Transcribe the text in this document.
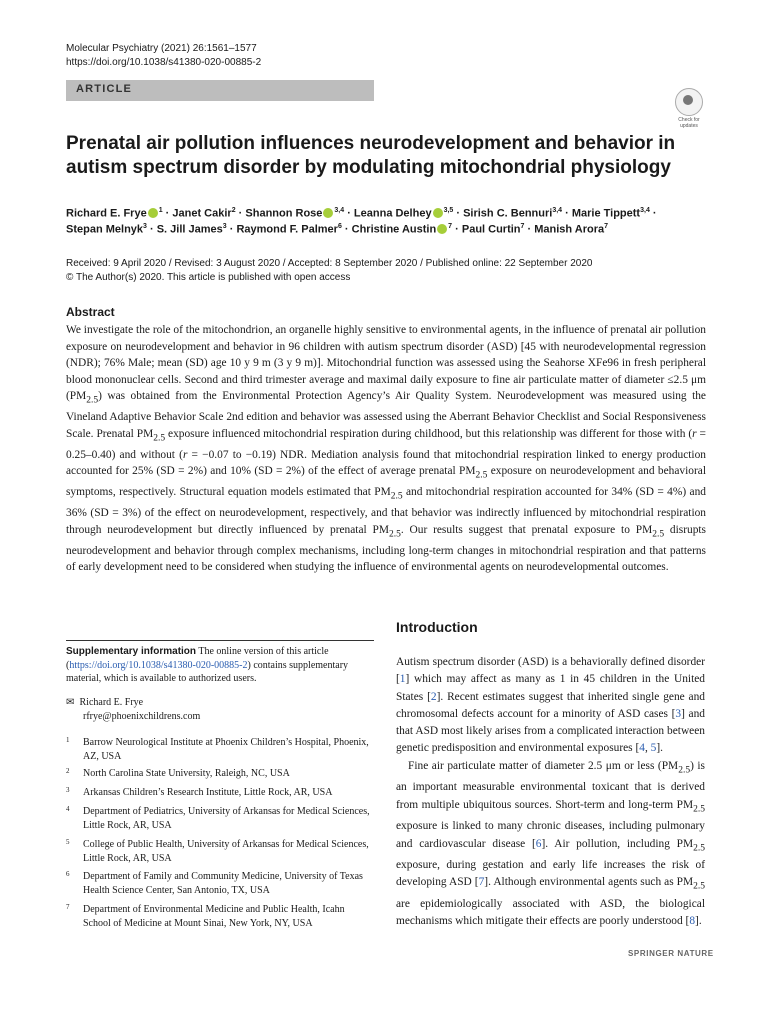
Molecular Psychiatry (2021) 26:1561–1577
https://doi.org/10.1038/s41380-020-00885-2
ARTICLE
Check for updates
Prenatal air pollution influences neurodevelopment and behavior in autism spectrum disorder by modulating mitochondrial physiology
Richard E. Frye $^1$ · Janet Cakir$^2$ · Shannon Rose $^{3,4}$ · Leanna Delhey $^{3,5}$ · Sirish C. Bennuri$^{3,4}$ · Marie Tippett$^{3,4}$ ·
Stepan Melnyk$^3$ · S. Jill James$^3$ · Raymond F. Palmer$^6$ · Christine Austin $^7$ · Paul Curtin$^7$ · Manish Arora$^7$
Received: 9 April 2020 / Revised: 3 August 2020 / Accepted: 8 September 2020 / Published online: 22 September 2020
© The Author(s) 2020. This article is published with open access
Abstract

We investigate the role of the mitochondrion, an organelle highly sensitive to environmental agents, in the influence of prenatal air pollution exposure on neurodevelopment and behavior in 96 children with autism spectrum disorder (ASD) [45 with neurodevelopmental regression (NDR); 76% Male; mean (SD) age 10 y 9 m (3 y 9 m)]. Mitochondrial function was assessed using the Seahorse XFe96 in fresh peripheral blood mononuclear cells. Second and third trimester average and maximal daily exposure to fine air particulate matter of diameter ≤2.5 μm $(PM_{2.5})$ was obtained from the Environmental Protection Agency’s Air Quality System. Neurodevelopment was measured using the Vineland Adaptive Behavior Scale 2nd edition and behavior was assessed using the Aberrant Behavior Checklist and Social Responsiveness Scale. Prenatal $PM_{2.5}$ exposure influenced mitochondrial respiration during childhood, but this relationship was different for those with (r = 0.25–0.40) and without (r = −0.07 to −0.19) NDR. Mediation analysis found that mitochondrial respiration linked to energy production accounted for 25% (SD = 2%) and 10% (SD = 2%) of the effect of average prenatal $PM_{2.5}$ exposure on neurodevelopment and behavioral symptoms, respectively. Structural equation models estimated that $PM_{2.5}$ and mitochondrial respiration accounted for 34% (SD = 4%) and 36% (SD = 3%) of the effect on neurodevelopment, respectively, and that behavior was indirectly influenced by mitochondrial respiration through neurodevelopment but directly influenced by prenatal $PM_{2.5}$. Our results suggest that prenatal exposure to $PM_{2.5}$ disrupts neurodevelopment and behavior through complex mechanisms, including long-term changes in mitochondrial respiration and that patterns of early development need to be considered when studying the influence of environmental agents on neurodevelopmental outcomes.

Introduction

Autism spectrum disorder (ASD) is a behaviorally defined disorder [1] which may affect as many as 1 in 45 children in the United States [2]. Recent estimates suggest that inherited single gene and chromosomal defects account for a minority of ASD cases [3] and that ASD most likely arises from a complicated interaction between genetic predisposition and environmental exposures [4, 5].

Fine air particulate matter of diameter 2.5 μm or less $(PM_{2.5})$ is an important measurable environmental toxicant that is derived from multiple ubiquitous sources. Short-term and long-term $PM_{2.5}$ exposure is linked to many chronic diseases, including pulmonary and cardiovascular disease [6]. Air pollution, including $PM_{2.5}$ exposure, during gestation and early life increases the risk of developing ASD [7]. Although environmental agents such as $PM_{2.5}$ are epidemiologically associated with ASD, the biological mechanisms which mitigate their effects are poorly understood [8].

Supplementary information The online version of this article (https://doi.org/10.1038/s41380-020-00885-2) contains supplementary material, which is available to authorized users.
✉ Richard E. Frye
rfrye@phoenixchildrens.com
1 Barrow Neurological Institute at Phoenix Children’s Hospital, Phoenix, AZ, USA
2 North Carolina State University, Raleigh, NC, USA
3 Arkansas Children’s Research Institute, Little Rock, AR, USA
4 Department of Pediatrics, University of Arkansas for Medical Sciences, Little Rock, AR, USA
5 College of Public Health, University of Arkansas for Medical Sciences, Little Rock, AR, USA
6 Department of Family and Community Medicine, University of Texas Health Science Center, San Antonio, TX, USA
7 Department of Environmental Medicine and Public Health, Icahn School of Medicine at Mount Sinai, New York, NY, USA
SPRINGER NATURE
